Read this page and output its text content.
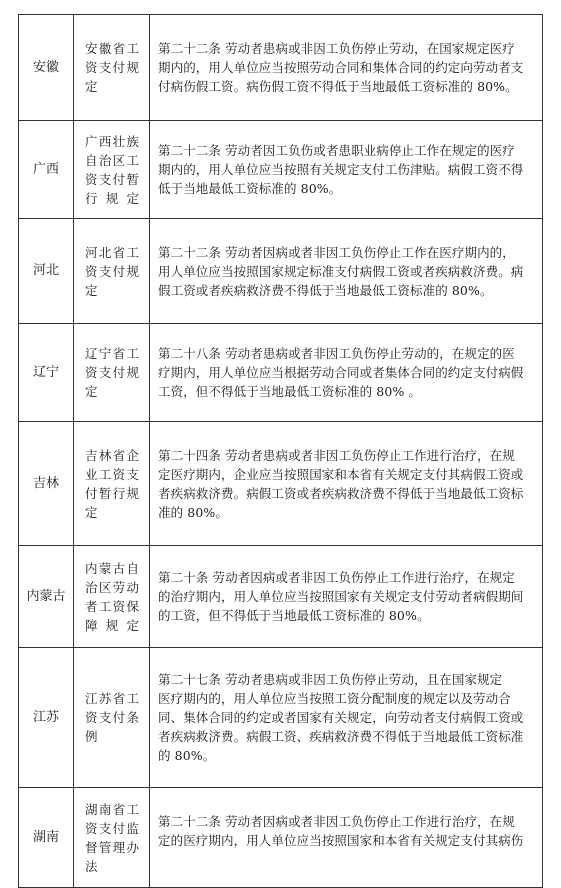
安徽	安徽省工
资支付规
定	第二十二条 劳动者患病或非因工负伤停止劳动，在国家规定医疗
期内的，用人单位应当按照劳动合同和集体合同的约定向劳动者支
付病伤假工资。病伤假工资不得低于当地最低工资标准的 80%。

广西	广西壮族
自治区工
资支付暂
行规定	第二十二条 劳动者因工负伤或者患职业病停止工作在规定的医疗
期内的，用人单位应当按照有关规定支付工伤津贴。病假工资不得
低于当地最低工资标准的 80%。

河北	河北省工
资支付规
定	第二十二条 劳动者因病或者非因工负伤停止工作在医疗期内的，
用人单位应当按照国家规定标准支付病假工资或者疾病救济费。病
假工资或者疾病救济费不得低于当地最低工资标准的 80%。

辽宁	辽宁省工
资支付规
定	第二十八条 劳动者患病或者非因工负伤停止劳动的，在规定的医
疗期内，用人单位应当根据劳动合同或者集体合同的约定支付病假
工资，但不得低于当地最低工资标准的 80% 。

吉林	吉林省企
业工资支
付暂行规
定	第二十四条 劳动者患病或者非因工负伤停止工作进行治疗，在规
定医疗期内，企业应当按照国家和本省有关规定支付其病假工资或
者疾病救济费。病假工资或者疾病救济费不得低于当地最低工资标
准的 80%。

内蒙古	内蒙古自
治区劳动
者工资保
障规定	第二十条 劳动者因病或者非因工负伤停止工作进行治疗，在规定
的治疗期内，用人单位应当按照国家有关规定支付劳动者病假期间
的工资，但不得低于当地最低工资标准的 80%。

江苏	江苏省工
资支付条
例	第二十七条 劳动者患病或非因工负伤停止劳动，且在国家规定
医疗期内的，用人单位应当按照工资分配制度的规定以及劳动合
同、集体合同的约定或者国家有关规定，向劳动者支付病假工资或
者疾病救济费。病假工资、疾病救济费不得低于当地最低工资标准
的 80%。

湖南	湖南省工
资支付监
督管理办
法	第二十二条 劳动者因病或者非因工负伤停止工作进行治疗，在规
定的医疗期内，用人单位应当按照国家和本省有关规定支付其病伤
